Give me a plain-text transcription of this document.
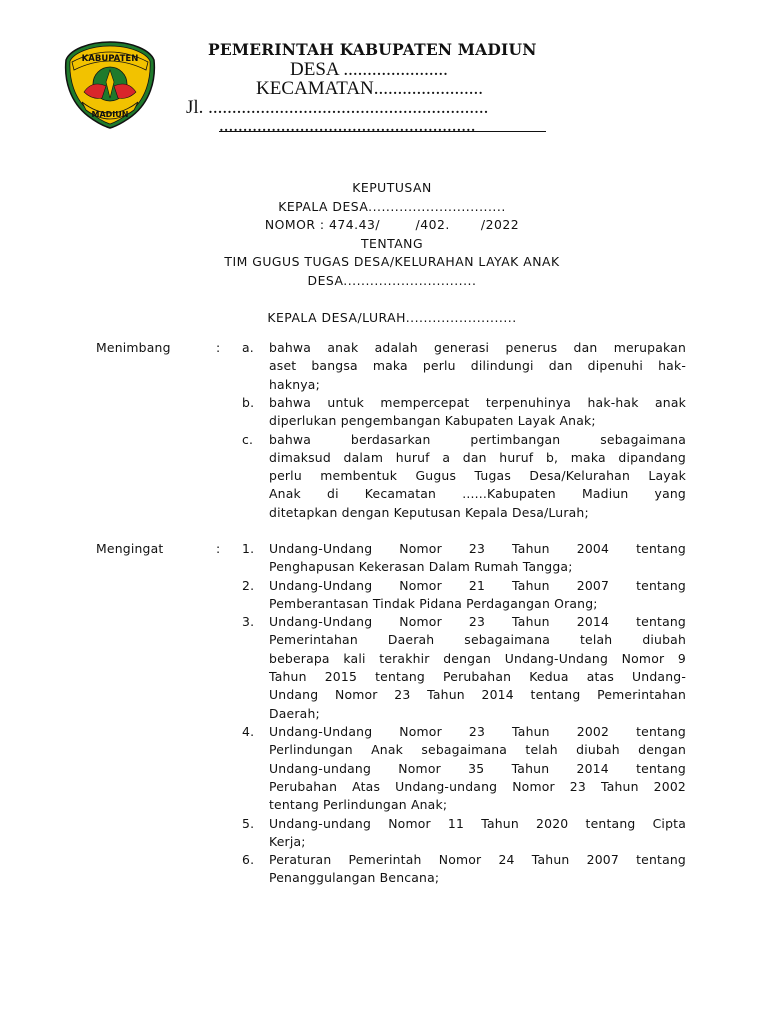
KABUPATEN
MADIUN
PEMERINTAH KABUPATEN MADIUN
DESA ......................
KECAMATAN.......................
Jl. ...........................................................
......................................................
KEPUTUSAN
KEPALA DESA...............................
NOMOR : 474.43/        /402.       /2022
TENTANG
TIM GUGUS TUGAS DESA/KELURAHAN LAYAK ANAK
DESA..............................
KEPALA DESA/LURAH.........................
Menimbang	: a.	bahwa anak adalah generasi penerus dan merupakan
aset bangsa maka perlu dilindungi dan dipenuhi hak-
haknya;
b.	bahwa untuk mempercepat terpenuhinya hak-hak anak
diperlukan pengembangan Kabupaten Layak Anak;
c.	bahwa berdasarkan pertimbangan sebagaimana
dimaksud dalam huruf a dan huruf b, maka dipandang
perlu membentuk Gugus Tugas Desa/Kelurahan Layak
Anak di Kecamatan ......Kabupaten Madiun yang
ditetapkan dengan Keputusan Kepala Desa/Lurah;
Mengingat	: 1.	Undang-Undang Nomor 23 Tahun 2004 tentang
Penghapusan Kekerasan Dalam Rumah Tangga;
2.	Undang-Undang Nomor 21 Tahun 2007 tentang
Pemberantasan Tindak Pidana Perdagangan Orang;
3.	Undang-Undang Nomor 23 Tahun 2014 tentang
Pemerintahan Daerah sebagaimana telah diubah
beberapa kali terakhir dengan Undang-Undang Nomor 9
Tahun 2015 tentang Perubahan Kedua atas Undang-
Undang Nomor 23 Tahun 2014 tentang Pemerintahan
Daerah;
4.	Undang-Undang Nomor 23 Tahun 2002 tentang
Perlindungan Anak sebagaimana telah diubah dengan
Undang-undang Nomor 35 Tahun 2014 tentang
Perubahan Atas Undang-undang Nomor 23 Tahun 2002
tentang Perlindungan Anak;
5.	Undang-undang Nomor 11 Tahun 2020 tentang Cipta
Kerja;
6.	Peraturan Pemerintah Nomor 24 Tahun 2007 tentang
Penanggulangan Bencana;
